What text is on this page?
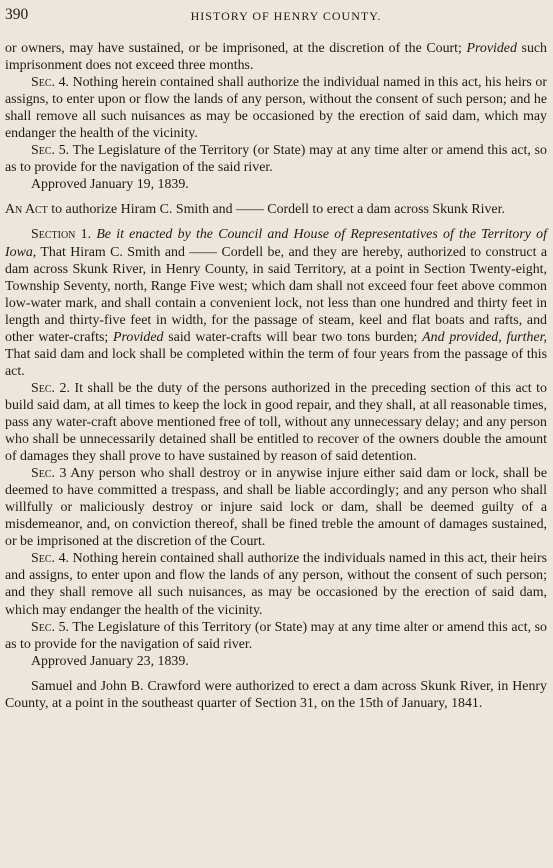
390	HISTORY OF HENRY COUNTY.

or owners, may have sustained, or be imprisoned, at the discretion of the Court; Provided such imprisonment does not exceed three months.

Sec. 4. Nothing herein contained shall authorize the individual named in this act, his heirs or assigns, to enter upon or flow the lands of any person, without the consent of such person; and he shall remove all such nuisances as may be occasioned by the erection of said dam, which may endanger the health of the vicinity.

Sec. 5. The Legislature of the Territory (or State) may at any time alter or amend this act, so as to provide for the navigation of the said river.

Approved January 19, 1839.

An Act to authorize Hiram C. Smith and —— Cordell to erect a dam across Skunk River.

Section 1. Be it enacted by the Council and House of Representatives of the Territory of Iowa, That Hiram C. Smith and —— Cordell be, and they are hereby, authorized to construct a dam across Skunk River, in Henry County, in said Territory, at a point in Section Twenty-eight, Township Seventy, north, Range Five west; which dam shall not exceed four feet above common low-water mark, and shall contain a convenient lock, not less than one hundred and thirty feet in length and thirty-five feet in width, for the passage of steam, keel and flat boats and rafts, and other water-crafts; Provided said water-crafts will bear two tons burden; And provided, further, That said dam and lock shall be completed within the term of four years from the passage of this act.

Sec. 2. It shall be the duty of the persons authorized in the preceding section of this act to build said dam, at all times to keep the lock in good repair, and they shall, at all reasonable times, pass any water-craft above mentioned free of toll, without any unnecessary delay; and any person who shall be unnecessarily detained shall be entitled to recover of the owners double the amount of damages they shall prove to have sustained by reason of said detention.

Sec. 3 Any person who shall destroy or in anywise injure either said dam or lock, shall be deemed to have committed a trespass, and shall be liable accordingly; and any person who shall willfully or maliciously destroy or injure said lock or dam, shall be deemed guilty of a misdemeanor, and, on conviction thereof, shall be fined treble the amount of damages sustained, or be imprisoned at the discretion of the Court.

Sec. 4. Nothing herein contained shall authorize the individuals named in this act, their heirs and assigns, to enter upon and flow the lands of any person, without the consent of such person; and they shall remove all such nuisances, as may be occasioned by the erection of said dam, which may endanger the health of the vicinity.

Sec. 5. The Legislature of this Territory (or State) may at any time alter or amend this act, so as to provide for the navigation of said river.

Approved January 23, 1839.

Samuel and John B. Crawford were authorized to erect a dam across Skunk River, in Henry County, at a point in the southeast quarter of Section 31, on the 15th of January, 1841.
